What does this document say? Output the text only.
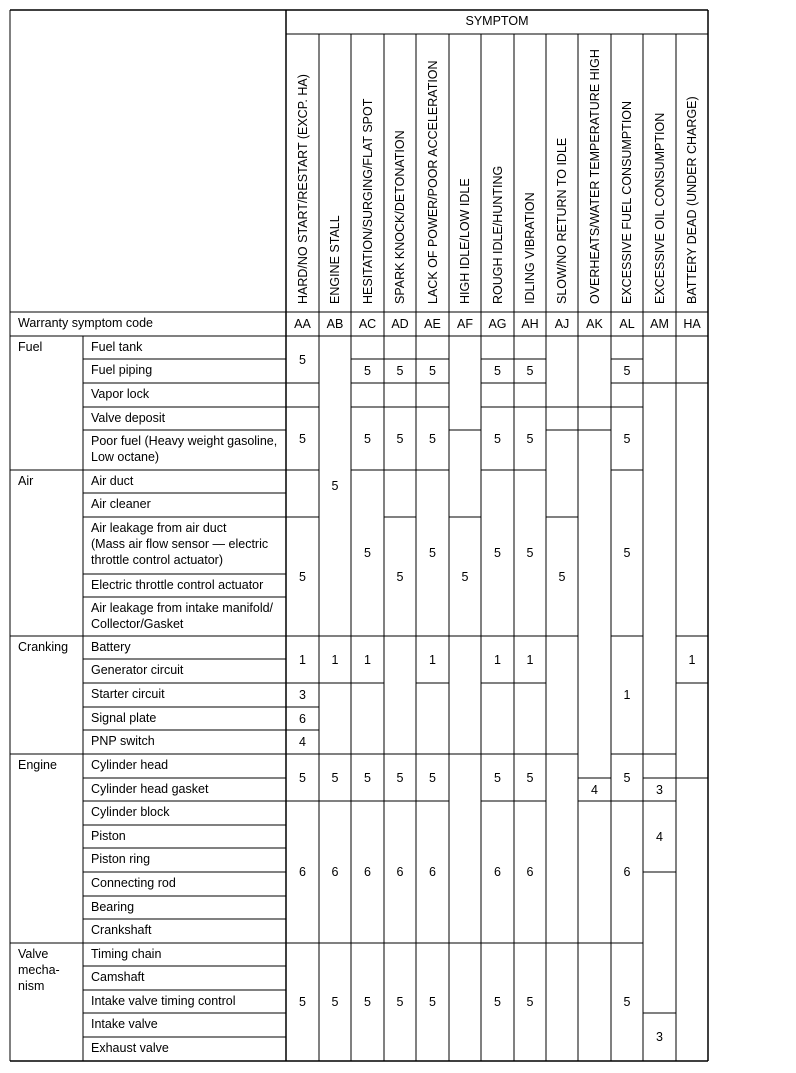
SYMPTOM
Warranty symptom code
HARD/NO START/RESTART (EXCP. HA)
AA
ENGINE STALL
AB
HESITATION/SURGING/FLAT SPOT
AC
SPARK KNOCK/DETONATION
AD
LACK OF POWER/POOR ACCELERATION
AE
HIGH IDLE/LOW IDLE
AF
ROUGH IDLE/HUNTING
AG
IDLING VIBRATION
AH
SLOW/NO RETURN TO IDLE
AJ
OVERHEATS/WATER TEMPERATURE HIGH
AK
EXCESSIVE FUEL CONSUMPTION
AL
EXCESSIVE OIL CONSUMPTION
AM
BATTERY DEAD (UNDER CHARGE)
HA
Fuel
Air
Cranking
Engine
Valve
mecha-
nism
Fuel tank
Fuel piping
Vapor lock
Valve deposit
Poor fuel (Heavy weight gasoline,
Low octane)
Air duct
Air cleaner
Air leakage from air duct
(Mass air flow sensor — electric
throttle control actuator)
Electric throttle control actuator
Air leakage from intake manifold/
Collector/Gasket
Battery
Generator circuit
Starter circuit
Signal plate
PNP switch
Cylinder head
Cylinder head gasket
Cylinder block
Piston
Piston ring
Connecting rod
Bearing
Crankshaft
Timing chain
Camshaft
Intake valve timing control
Intake valve
Exhaust valve
5
5
5
1
3
6
4
5
6
5
5
1
5
6
5
5
5
5
1
5
6
5
5
5
5
5
6
5
5
5
5
1
5
6
5
5
5
5
5
1
5
6
5
5
5
5
1
5
6
5
5
4
5
5
5
1
5
6
5
3
4
3
1
